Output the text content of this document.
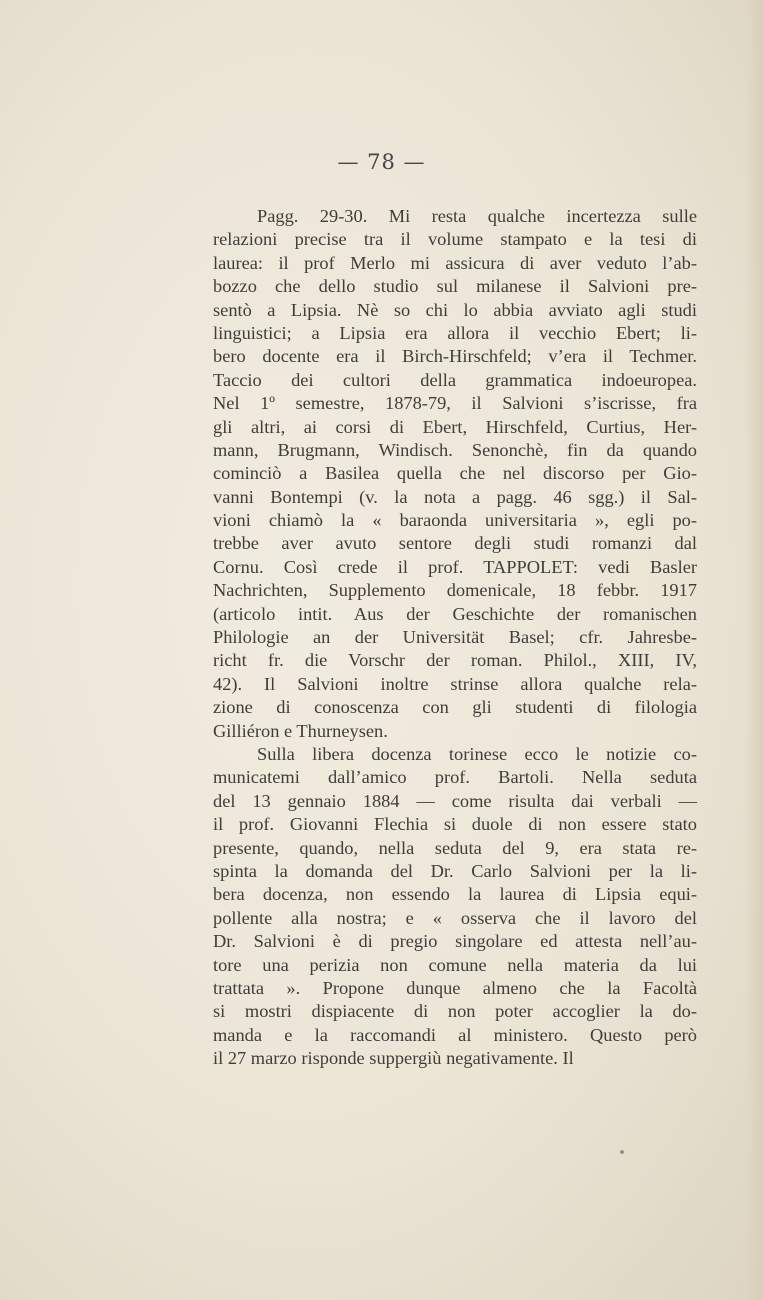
— 78 —
Pagg. 29-30. Mi resta qualche incertezza sulle
relazioni precise tra il volume stampato e la tesi di
laurea: il prof Merlo mi assicura di aver veduto l’ab-
bozzo che dello studio sul milanese il Salvioni pre-
sentò a Lipsia. Nè so chi lo abbia avviato agli studi
linguistici; a Lipsia era allora il vecchio Ebert; li-
bero docente era il Birch-Hirschfeld; v’era il Techmer.
Taccio dei cultori della grammatica indoeuropea.
Nel 1º semestre, 1878-79, il Salvioni s’iscrisse, fra
gli altri, ai corsi di Ebert, Hirschfeld, Curtius, Her-
mann, Brugmann, Windisch. Senonchè, fin da quando
cominciò a Basilea quella che nel discorso per Gio-
vanni Bontempi (v. la nota a pagg. 46 sgg.) il Sal-
vioni chiamò la « baraonda universitaria », egli po-
trebbe aver avuto sentore degli studi romanzi dal
Cornu. Così crede il prof. TAPPOLET: vedi Basler
Nachrichten, Supplemento domenicale, 18 febbr. 1917
(articolo intit. Aus der Geschichte der romanischen
Philologie an der Universität Basel; cfr. Jahresbe-
richt fr. die Vorschr der roman. Philol., XIII, IV,
42). Il Salvioni inoltre strinse allora qualche rela-
zione di conoscenza con gli studenti di filologia
Gilliéron e Thurneysen.
Sulla libera docenza torinese ecco le notizie co-
municatemi dall’amico prof. Bartoli. Nella seduta
del 13 gennaio 1884 — come risulta dai verbali —
il prof. Giovanni Flechia si duole di non essere stato
presente, quando, nella seduta del 9, era stata re-
spinta la domanda del Dr. Carlo Salvioni per la li-
bera docenza, non essendo la laurea di Lipsia equi-
pollente alla nostra; e « osserva che il lavoro del
Dr. Salvioni è di pregio singolare ed attesta nell’au-
tore una perizia non comune nella materia da lui
trattata ». Propone dunque almeno che la Facoltà
si mostri dispiacente di non poter accoglier la do-
manda e la raccomandi al ministero. Questo però
il 27 marzo risponde suppergiù negativamente. Il
